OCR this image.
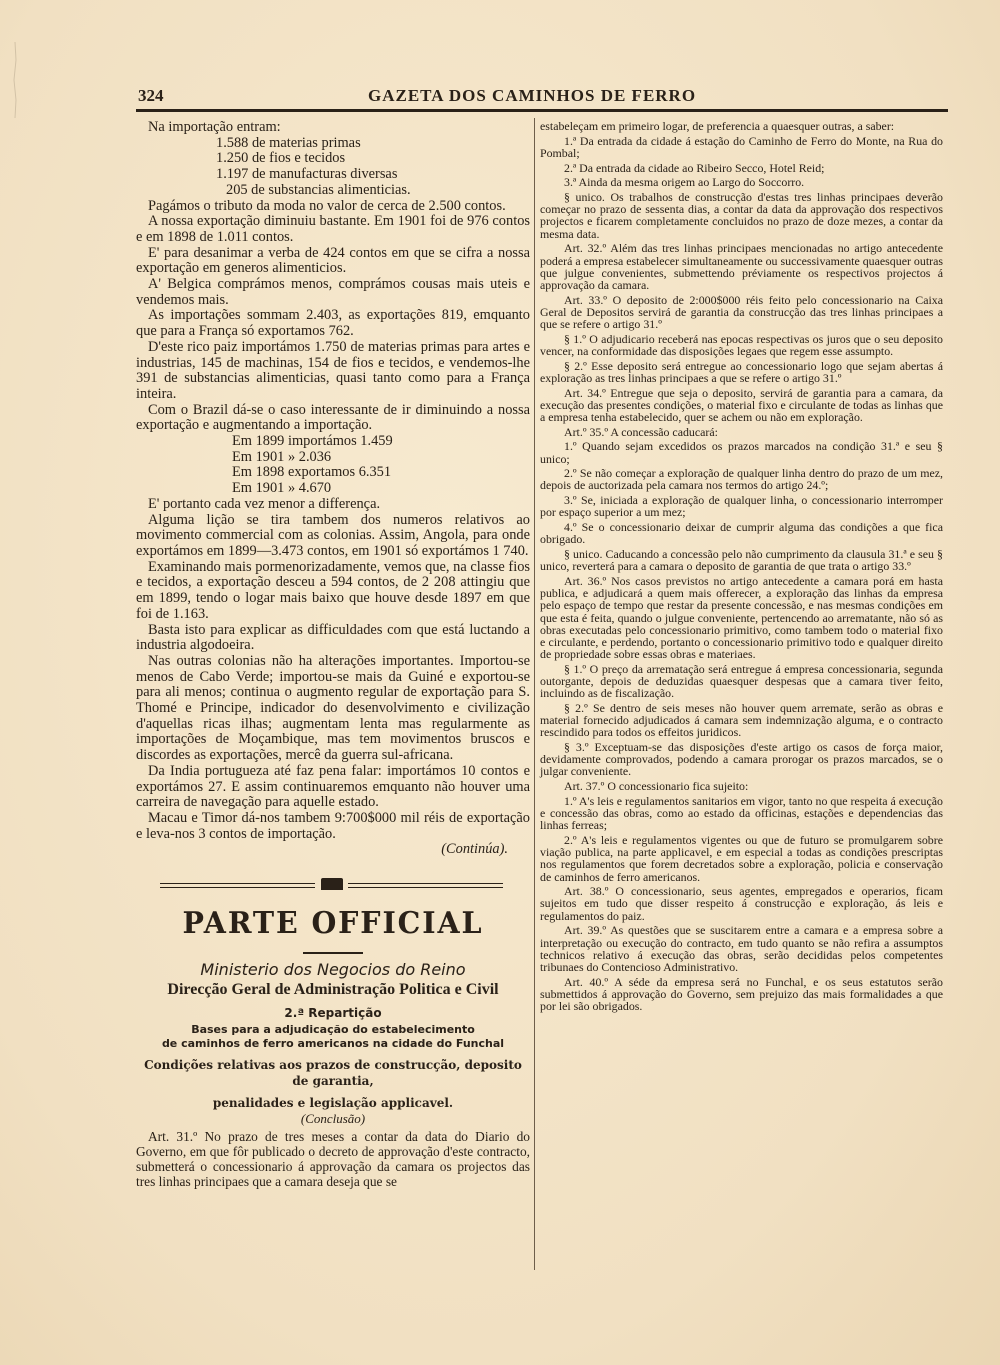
324	GAZETA DOS CAMINHOS DE FERRO

Na importação entram:

1.588 de materias primas

1.250 de fios e tecidos

1.197 de manufacturas diversas

205 de substancias alimenticias.

Pagámos o tributo da moda no valor de cerca de 2.500 contos.

A nossa exportação diminuiu bastante. Em 1901 foi de 976 contos e em 1898 de 1.011 contos.

E' para desanimar a verba de 424 contos em que se cifra a nossa exportação em generos alimenticios.

A' Belgica comprámos menos, comprámos cousas mais uteis e vendemos mais.

As importações sommam 2.403, as exportações 819, emquanto que para a França só exportamos 762.

D'este rico paiz importámos 1.750 de materias primas para artes e industrias, 145 de machinas, 154 de fios e tecidos, e vendemos-lhe 391 de substancias alimenticias, quasi tanto como para a França inteira.

Com o Brazil dá-se o caso interessante de ir diminuindo a nossa exportação e augmentando a importação.

Em 1899 importámos 1.459

Em 1901 » 2.036

Em 1898 exportamos 6.351

Em 1901 » 4.670

E' portanto cada vez menor a differença.

Alguma lição se tira tambem dos numeros relativos ao movimento commercial com as colonias. Assim, Angola, para onde exportámos em 1899—3.473 contos, em 1901 só exportámos 1 740.

Examinando mais pormenorizadamente, vemos que, na classe fios e tecidos, a exportação desceu a 594 contos, de 2 208 attingiu que em 1899, tendo o logar mais baixo que houve desde 1897 em que foi de 1.163.

Basta isto para explicar as difficuldades com que está luctando a industria algodoeira.

Nas outras colonias não ha alterações importantes. Importou-se menos de Cabo Verde; importou-se mais da Guiné e exportou-se para ali menos; continua o augmento regular de exportação para S. Thomé e Principe, indicador do desenvolvimento e civilização d'aquellas ricas ilhas; augmentam lenta mas regularmente as importações de Moçambique, mas tem movimentos bruscos e discordes as exportações, mercê da guerra sul-africana.

Da India portugueza até faz pena falar: importámos 10 contos e exportámos 27. E assim continuaremos emquanto não houver uma carreira de navegação para aquelle estado.

Macau e Timor dá-nos tambem 9:700$000 mil réis de exportação e leva-nos 3 contos de importação.

(Continúa).

PARTE OFFICIAL

Ministerio dos Negocios do Reino

Direcção Geral de Administração Politica e Civil

2.ª Repartição

Bases para a adjudicação do estabelecimento

de caminhos de ferro americanos na cidade do Funchal

Condições relativas aos prazos de construcção, deposito de garantia,

penalidades e legislação applicavel.

(Conclusão)

Art. 31.º No prazo de tres meses a contar da data do Diario do Governo, em que fôr publicado o decreto de approvação d'este contracto, submetterá o concessionario á approvação da camara os projectos das tres linhas principaes que a camara deseja que se

estabeleçam em primeiro logar, de preferencia a quaesquer outras, a saber:

1.ª Da entrada da cidade á estação do Caminho de Ferro do Monte, na Rua do Pombal;

2.ª Da entrada da cidade ao Ribeiro Secco, Hotel Reid;

3.ª Ainda da mesma origem ao Largo do Soccorro.

§ unico. Os trabalhos de construcção d'estas tres linhas principaes deverão começar no prazo de sessenta dias, a contar da data da approvação dos respectivos projectos e ficarem completamente concluidos no prazo de doze mezes, a contar da mesma data.

Art. 32.º Além das tres linhas principaes mencionadas no artigo antecedente poderá a empresa estabelecer simultaneamente ou successivamente quaesquer outras que julgue convenientes, submettendo préviamente os respectivos projectos á approvação da camara.

Art. 33.º O deposito de 2:000$000 réis feito pelo concessionario na Caixa Geral de Depositos servirá de garantia da construcção das tres linhas principaes a que se refere o artigo 31.º

§ 1.º O adjudicario receberá nas epocas respectivas os juros que o seu deposito vencer, na conformidade das disposições legaes que regem esse assumpto.

§ 2.º Esse deposito será entregue ao concessionario logo que sejam abertas á exploração as tres linhas principaes a que se refere o artigo 31.º

Art. 34.º Entregue que seja o deposito, servirá de garantia para a camara, da execução das presentes condições, o material fixo e circulante de todas as linhas que a empresa tenha estabelecido, quer se achem ou não em exploração.

Art.º 35.º A concessão caducará:

1.º Quando sejam excedidos os prazos marcados na condição 31.ª e seu § unico;

2.º Se não começar a exploração de qualquer linha dentro do prazo de um mez, depois de auctorizada pela camara nos termos do artigo 24.º;

3.º Se, iniciada a exploração de qualquer linha, o concessionario interromper por espaço superior a um mez;

4.º Se o concessionario deixar de cumprir alguma das condições a que fica obrigado.

§ unico. Caducando a concessão pelo não cumprimento da clausula 31.ª e seu § unico, reverterá para a camara o deposito de garantia de que trata o artigo 33.º

Art. 36.º Nos casos previstos no artigo antecedente a camara porá em hasta publica, e adjudicará a quem mais offerecer, a exploração das linhas da empresa pelo espaço de tempo que restar da presente concessão, e nas mesmas condições em que esta é feita, quando o julgue conveniente, pertencendo ao arrematante, não só as obras executadas pelo concessionario primitivo, como tambem todo o material fixo e circulante, e perdendo, portanto o concessionario primitivo todo e qualquer direito de propriedade sobre essas obras e materiaes.

§ 1.º O preço da arrematação será entregue á empresa concessionaria, segunda outorgante, depois de deduzidas quaesquer despesas que a camara tiver feito, incluindo as de fiscalização.

§ 2.º Se dentro de seis meses não houver quem arremate, serão as obras e material fornecido adjudicados á camara sem indemnização alguma, e o contracto rescindido para todos os effeitos juridicos.

§ 3.º Exceptuam-se das disposições d'este artigo os casos de força maior, devidamente comprovados, podendo a camara prorogar os prazos marcados, se o julgar conveniente.

Art. 37.º O concessionario fica sujeito:

1.º A's leis e regulamentos sanitarios em vigor, tanto no que respeita á execução e concessão das obras, como ao estado da officinas, estações e dependencias das linhas ferreas;

2.º A's leis e regulamentos vigentes ou que de futuro se promulgarem sobre viação publica, na parte applicavel, e em especial a todas as condições prescriptas nos regulamentos que forem decretados sobre a exploração, policia e conservação de caminhos de ferro americanos.

Art. 38.º O concessionario, seus agentes, empregados e operarios, ficam sujeitos em tudo que disser respeito á construcção e exploração, ás leis e regulamentos do paiz.

Art. 39.º As questões que se suscitarem entre a camara e a empresa sobre a interpretação ou execução do contracto, em tudo quanto se não refira a assumptos technicos relativo á execução das obras, serão decididas pelos competentes tribunaes do Contencioso Administrativo.

Art. 40.º A séde da empresa será no Funchal, e os seus estatutos serão submettidos á approvação do Governo, sem prejuizo das mais formalidades a que por lei são obrigados.
